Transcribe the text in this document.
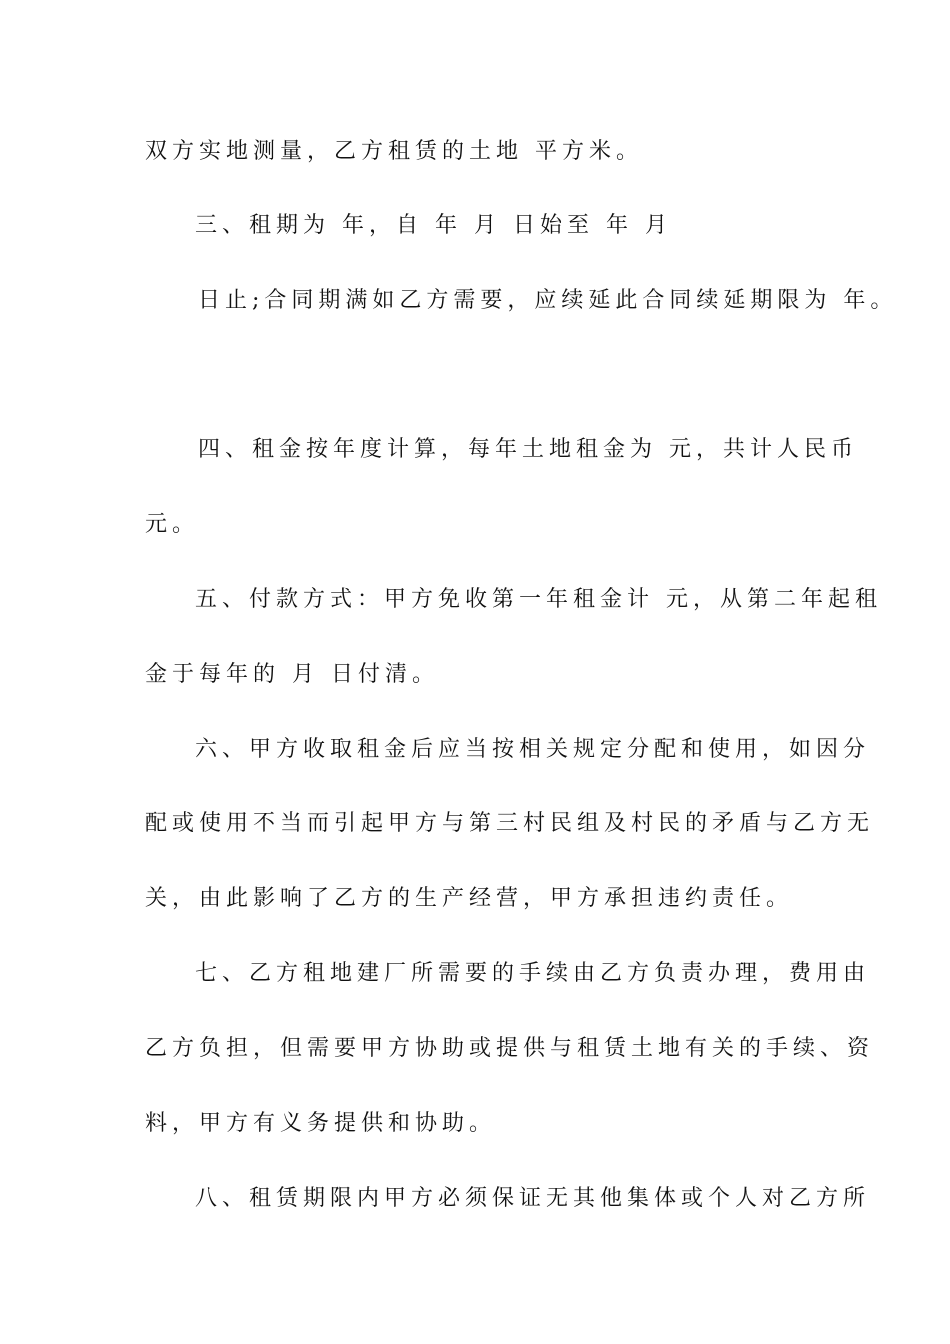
双方实地测量，乙方租赁的土地 平方米。
三、租期为 年，自 年 月 日始至 年 月
日止;合同期满如乙方需要，应续延此合同续延期限为 年。
四、租金按年度计算，每年土地租金为 元，共计人民币
元。
五、付款方式：甲方免收第一年租金计 元，从第二年起租
金于每年的 月 日付清。
六、甲方收取租金后应当按相关规定分配和使用，如因分
配或使用不当而引起甲方与第三村民组及村民的矛盾与乙方无
关，由此影响了乙方的生产经营，甲方承担违约责任。
七、乙方租地建厂所需要的手续由乙方负责办理，费用由
乙方负担，但需要甲方协助或提供与租赁土地有关的手续、资
料，甲方有义务提供和协助。
八、租赁期限内甲方必须保证无其他集体或个人对乙方所
